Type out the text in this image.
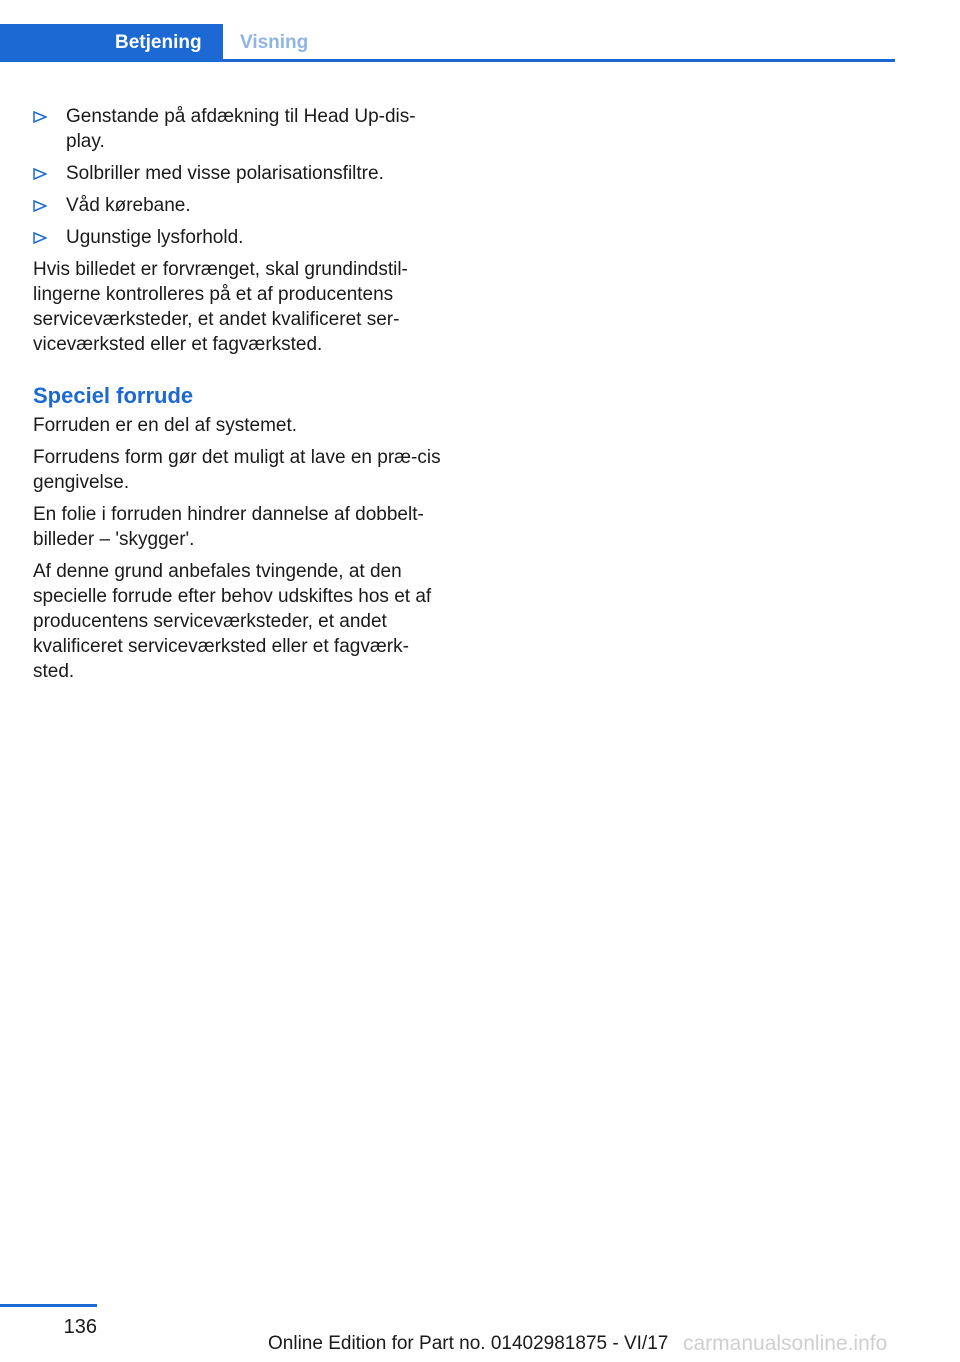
Betjening	Visning
Genstande på afdækning til Head Up-dis-play.
Solbriller med visse polarisationsfiltre.
Våd kørebane.
Ugunstige lysforhold.

Hvis billedet er forvrænget, skal grundindstil-lingerne kontrolleres på et af producentens serviceværksteder, et andet kvalificeret ser-viceværksted eller et fagværksted.

Speciel forrude

Forruden er en del af systemet.

Forrudens form gør det muligt at lave en præ-cis gengivelse.

En folie i forruden hindrer dannelse af dobbelt-billeder – 'skygger'.

Af denne grund anbefales tvingende, at den specielle forrude efter behov udskiftes hos et af producentens serviceværksteder, et andet kvalificeret serviceværksted eller et fagværk-sted.

136
Online Edition for Part no. 01402981875 - VI/17 carmanualsonline.info
